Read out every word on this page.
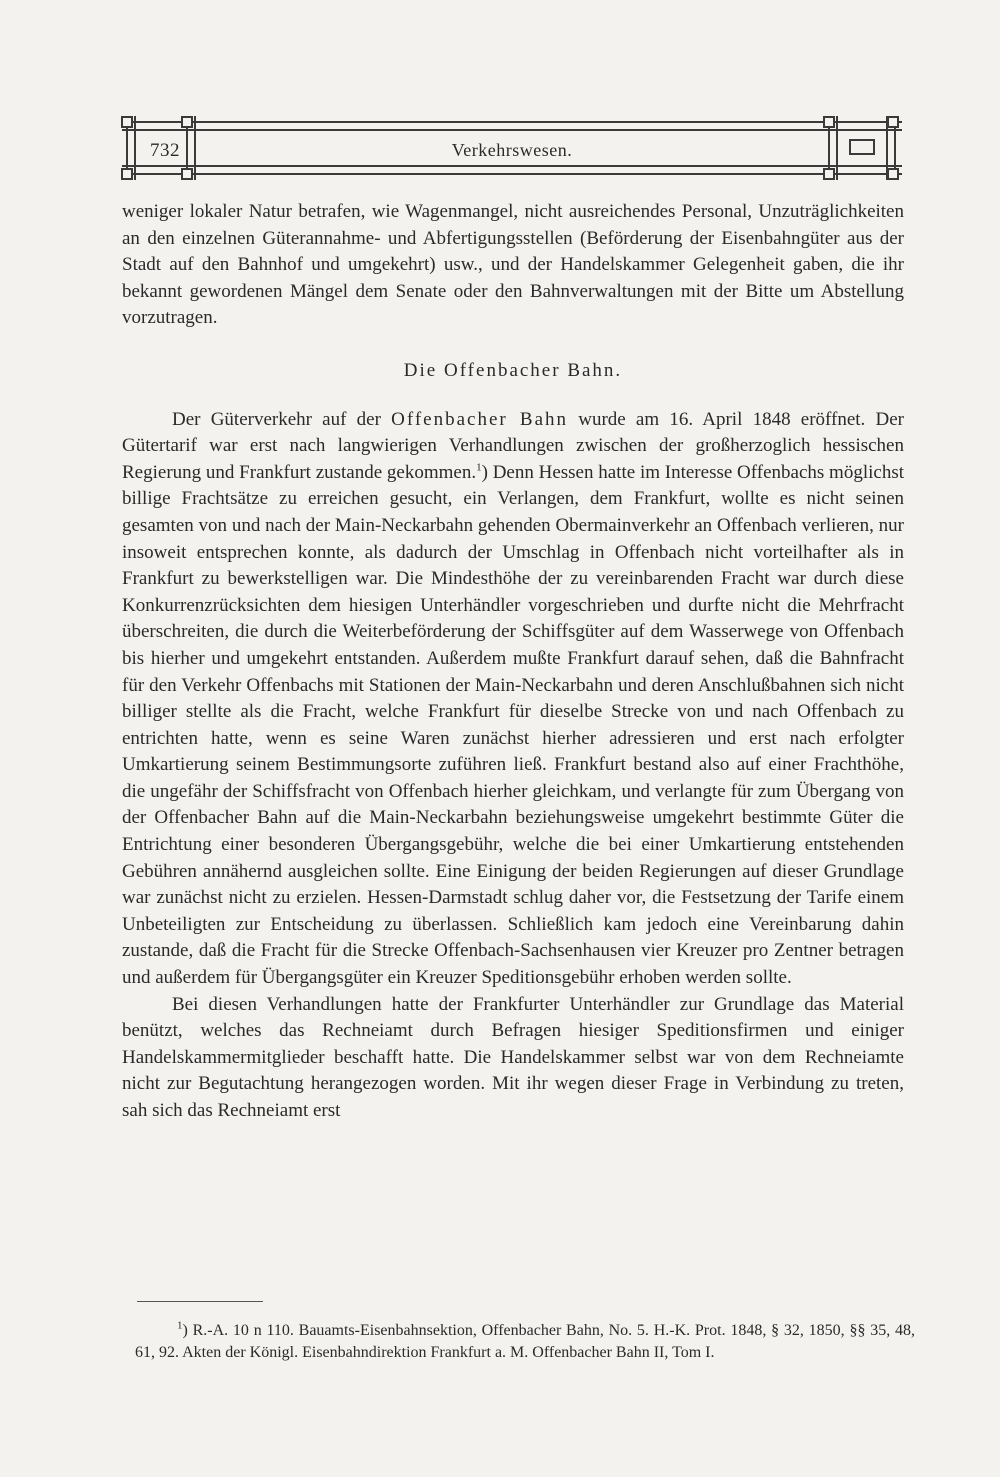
732	Verkehrswesen.

weniger lokaler Natur betrafen, wie Wagenmangel, nicht ausreichendes Personal, Unzuträglichkeiten an den einzelnen Güterannahme- und Abfertigungsstellen (Beförderung der Eisenbahngüter aus der Stadt auf den Bahnhof und umgekehrt) usw., und der Handelskammer Gelegenheit gaben, die ihr bekannt gewordenen Mängel dem Senate oder den Bahnverwaltungen mit der Bitte um Abstellung vorzutragen.

Die Offenbacher Bahn.

Der Güterverkehr auf der Offenbacher Bahn wurde am 16. April 1848 eröffnet. Der Gütertarif war erst nach langwierigen Verhandlungen zwischen der großherzoglich hessischen Regierung und Frankfurt zustande gekommen.$^1$) Denn Hessen hatte im Interesse Offenbachs möglichst billige Frachtsätze zu erreichen gesucht, ein Verlangen, dem Frankfurt, wollte es nicht seinen gesamten von und nach der Main-Neckarbahn gehenden Obermainverkehr an Offenbach verlieren, nur insoweit entsprechen konnte, als dadurch der Umschlag in Offenbach nicht vorteilhafter als in Frankfurt zu bewerkstelligen war. Die Mindesthöhe der zu vereinbarenden Fracht war durch diese Konkurrenzrücksichten dem hiesigen Unterhändler vorgeschrieben und durfte nicht die Mehrfracht überschreiten, die durch die Weiterbeförderung der Schiffsgüter auf dem Wasserwege von Offenbach bis hierher und umgekehrt entstanden. Außerdem mußte Frankfurt darauf sehen, daß die Bahnfracht für den Verkehr Offenbachs mit Stationen der Main-Neckarbahn und deren Anschlußbahnen sich nicht billiger stellte als die Fracht, welche Frankfurt für dieselbe Strecke von und nach Offenbach zu entrichten hatte, wenn es seine Waren zunächst hierher adressieren und erst nach erfolgter Umkartierung seinem Bestimmungsorte zuführen ließ. Frankfurt bestand also auf einer Frachthöhe, die ungefähr der Schiffsfracht von Offenbach hierher gleichkam, und verlangte für zum Übergang von der Offenbacher Bahn auf die Main-Neckarbahn beziehungsweise umgekehrt bestimmte Güter die Entrichtung einer besonderen Übergangsgebühr, welche die bei einer Umkartierung entstehenden Gebühren annähernd ausgleichen sollte. Eine Einigung der beiden Regierungen auf dieser Grundlage war zunächst nicht zu erzielen. Hessen-Darmstadt schlug daher vor, die Festsetzung der Tarife einem Unbeteiligten zur Entscheidung zu überlassen. Schließlich kam jedoch eine Vereinbarung dahin zustande, daß die Fracht für die Strecke Offenbach-Sachsenhausen vier Kreuzer pro Zentner betragen und außerdem für Übergangsgüter ein Kreuzer Speditionsgebühr erhoben werden sollte.

Bei diesen Verhandlungen hatte der Frankfurter Unterhändler zur Grundlage das Material benützt, welches das Rechneiamt durch Befragen hiesiger Speditionsfirmen und einiger Handelskammermitglieder beschafft hatte. Die Handelskammer selbst war von dem Rechneiamte nicht zur Begutachtung herangezogen worden. Mit ihr wegen dieser Frage in Verbindung zu treten, sah sich das Rechneiamt erst

$^1$) R.-A. 10 n 110. Bauamts-Eisenbahnsektion, Offenbacher Bahn, No. 5. H.-K. Prot. 1848, § 32, 1850, §§ 35, 48, 61, 92. Akten der Königl. Eisenbahndirektion Frankfurt a. M. Offenbacher Bahn II, Tom I.
